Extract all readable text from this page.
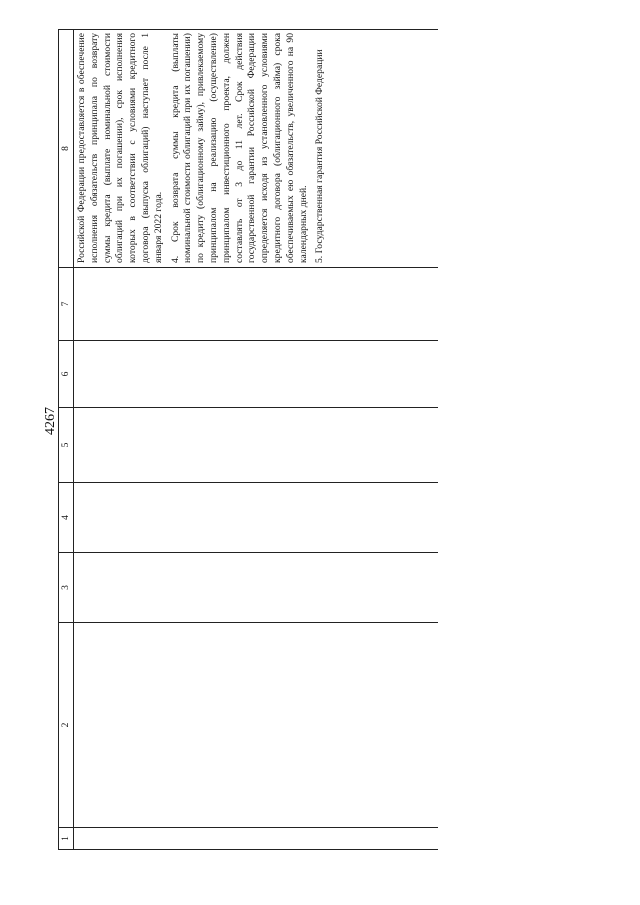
4267
1	2	3	4	5	6	7	8

							Российской Федерации предоставляется в обеспечение исполнения обязательств принципала по возврату суммы кредита (выплате номинальной стоимости облигаций при их погашении), срок исполнения которых в соответствии с условиями кредитного договора (выпуска облигаций) наступает после 1 января 2022 года. 4. Срок возврата суммы кредита (выплаты номинальной стоимости облигаций при их погашении) по кредиту (облигационному займу), привлекаемому принципалом на реализацию (осуществление) принципалом инвестиционного проекта, должен составлять от 3 до 11 лет. Срок действия государственной гарантии Российской Федерации определяется исходя из установленного условиями кредитного договора (облигационного займа) срока обеспечиваемых ею обязательств, увеличенного на 90 календарных дней. 5. Государственная гарантия Российской Федерации
